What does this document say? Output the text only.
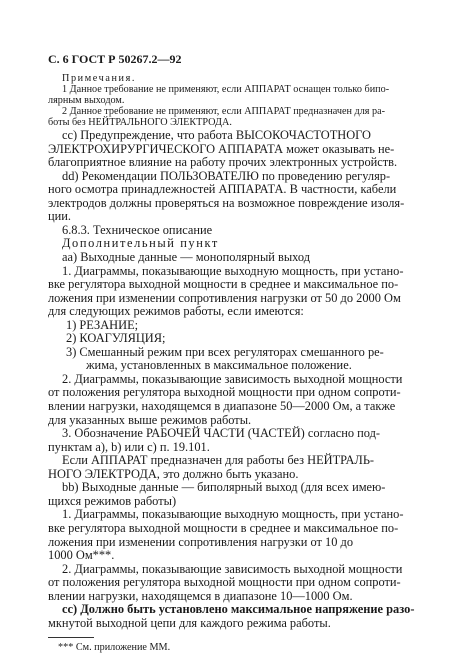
С. 6 ГОСТ Р 50267.2—92
Примечания.
1 Данное требование не применяют, если АППАРАТ оснащен только бипо-
лярным выходом.
2 Данное требование не применяют, если АППАРАТ предназначен для ра-
боты без НЕЙТРАЛЬНОГО ЭЛЕКТРОДА.
cc) Предупреждение, что работа ВЫСОКОЧАСТОТНОГО
ЭЛЕКТРОХИРУРГИЧЕСКОГО АППАРАТА может оказывать не-
благоприятное влияние на работу прочих электронных устройств.
dd) Рекомендации ПОЛЬЗОВАТЕЛЮ по проведению регуляр-
ного осмотра принадлежностей АППАРАТА. В частности, кабели
электродов должны проверяться на возможное повреждение изоля-
ции.
6.8.3. Техническое описание
Дополнительный пункт
аа) Выходные данные — монополярный выход
1. Диаграммы, показывающие выходную мощность, при устано-
вке регулятора выходной мощности в среднее и максимальное по-
ложения при изменении сопротивления нагрузки от 50 до 2000 Ом
для следующих режимов работы, если имеются:
1) РЕЗАНИЕ;
2) КОАГУЛЯЦИЯ;
3) Смешанный режим при всех регуляторах смешанного ре-
жима, установленных в максимальное положение.
2. Диаграммы, показывающие зависимость выходной мощности
от положения регулятора выходной мощности при одном сопроти-
влении нагрузки, находящемся в диапазоне 50—2000 Ом, а также
для указанных выше режимов работы.
3. Обозначение РАБОЧЕЙ ЧАСТИ (ЧАСТЕЙ) согласно под-
пунктам а), b) или с) п. 19.101.
Если АППАРАТ предназначен для работы без НЕЙТРАЛЬ-
НОГО ЭЛЕКТРОДА, это должно быть указано.
bb) Выходные данные — биполярный выход (для всех имею-
щихся режимов работы)
1. Диаграммы, показывающие выходную мощность, при устано-
вке регулятора выходной мощности в среднее и максимальное по-
ложения при изменении сопротивления нагрузки от 10 до
1000 Ом***.
2. Диаграммы, показывающие зависимость выходной мощности
от положения регулятора выходной мощности при одном сопроти-
влении нагрузки, находящемся в диапазоне 10—1000 Ом.
cc) Должно быть установлено максимальное напряжение разо-
мкнутой выходной цепи для каждого режима работы.
*** См. приложение ММ.
